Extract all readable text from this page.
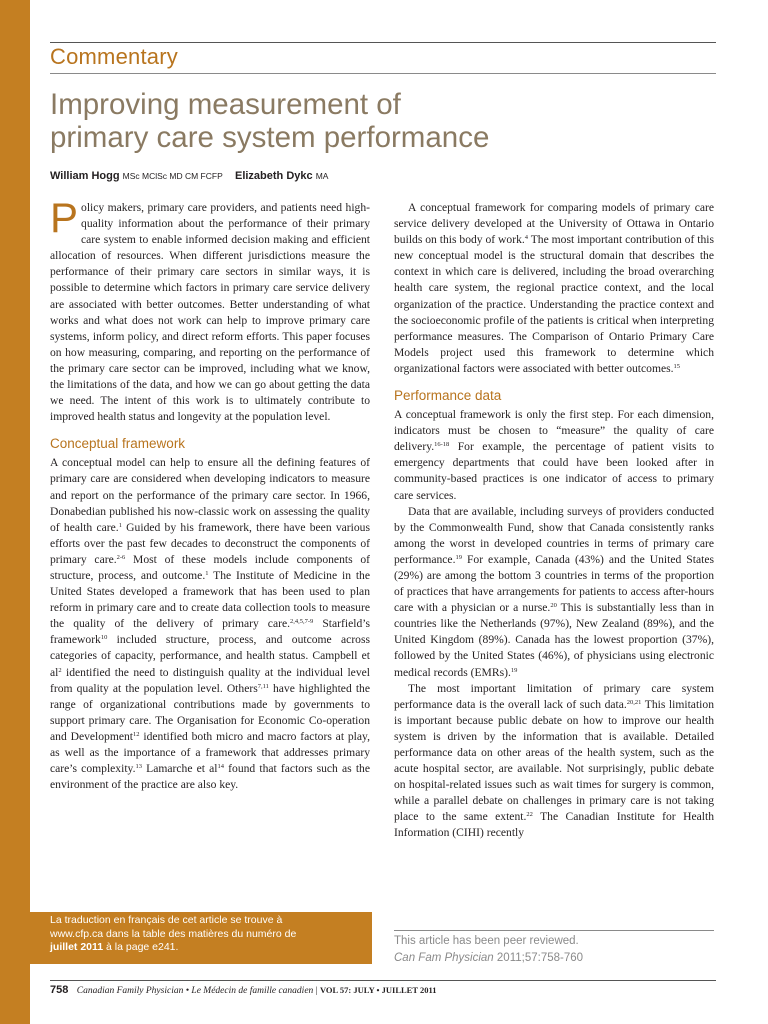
Commentary
Improving measurement of
primary care system performance
William Hogg MSc MClSc MD CM FCFP Elizabeth Dykc MA

Policy makers, primary care providers, and patients need high-quality information about the performance of their primary care system to enable informed decision making and efficient allocation of resources. When different jurisdictions measure the performance of their primary care sectors in similar ways, it is possible to determine which factors in primary care service delivery are associated with better outcomes. Better understanding of what works and what does not work can help to improve primary care systems, inform policy, and direct reform efforts. This paper focuses on how measuring, comparing, and reporting on the performance of the primary care sector can be improved, including what we know, the limitations of the data, and how we can go about getting the data we need. The intent of this work is to ultimately contribute to improved health status and longevity at the population level.

Conceptual framework

A conceptual model can help to ensure all the defining features of primary care are considered when developing indicators to measure and report on the performance of the primary care sector. In 1966, Donabedian published his now-classic work on assessing the quality of health care.$^1$ Guided by his framework, there have been various efforts over the past few decades to deconstruct the components of primary care.$^{2-6}$ Most of these models include components of structure, process, and outcome.$^1$ The Institute of Medicine in the United States developed a framework that has been used to plan reform in primary care and to create data collection tools to measure the quality of the delivery of primary care.$^{2,4,5,7-9}$ Starfield’s framework$^{10}$ included structure, process, and outcome across categories of capacity, performance, and health status. Campbell et $al^2$ identified the need to distinguish quality at the individual level from quality at the population level. Others$^{7,11}$ have highlighted the range of organizational contributions made by governments to support primary care. The Organisation for Economic Co-operation and Development$^{12}$ identified both micro and macro factors at play, as well as the importance of a framework that addresses primary care’s complexity.$^{13}$ Lamarche et $al^{14}$ found that factors such as the environment of the practice are also key.

A conceptual framework for comparing models of primary care service delivery developed at the University of Ottawa in Ontario builds on this body of work.$^4$ The most important contribution of this new conceptual model is the structural domain that describes the context in which care is delivered, including the broad overarching health care system, the regional practice context, and the local organization of the practice. Understanding the practice context and the socioeconomic profile of the patients is critical when interpreting performance measures. The Comparison of Ontario Primary Care Models project used this framework to determine which organizational factors were associated with better outcomes.$^{15}$

Performance data

A conceptual framework is only the first step. For each dimension, indicators must be chosen to “measure” the quality of care delivery.$^{16-18}$ For example, the percentage of patient visits to emergency departments that could have been looked after in community-based practices is one indicator of access to primary care services.

Data that are available, including surveys of providers conducted by the Commonwealth Fund, show that Canada consistently ranks among the worst in developed countries in terms of primary care performance.$^{19}$ For example, Canada (43%) and the United States (29%) are among the bottom 3 countries in terms of the proportion of practices that have arrangements for patients to access after-hours care with a physician or a nurse.$^{20}$ This is substantially less than in countries like the Netherlands (97%), New Zealand (89%), and the United Kingdom (89%). Canada has the lowest proportion (37%), followed by the United States (46%), of physicians using electronic medical records (EMRs).$^{19}$

The most important limitation of primary care system performance data is the overall lack of such data.$^{20,21}$ This limitation is important because public debate on how to improve our health system is driven by the information that is available. Detailed performance data on other areas of the health system, such as the acute hospital sector, are available. Not surprisingly, public debate on hospital-related issues such as wait times for surgery is common, while a parallel debate on challenges in primary care is not taking place to the same extent.$^{22}$ The Canadian Institute for Health Information (CIHI) recently

La traduction en français de cet article se trouve à
www.cfp.ca dans la table des matières du numéro de
juillet 2011 à la page e241.	This article has been peer reviewed.
Can Fam Physician 2011;57:758-760
758 Canadian Family Physician • Le Médecin de famille canadien | VOL 57: JULY • JUILLET 2011
